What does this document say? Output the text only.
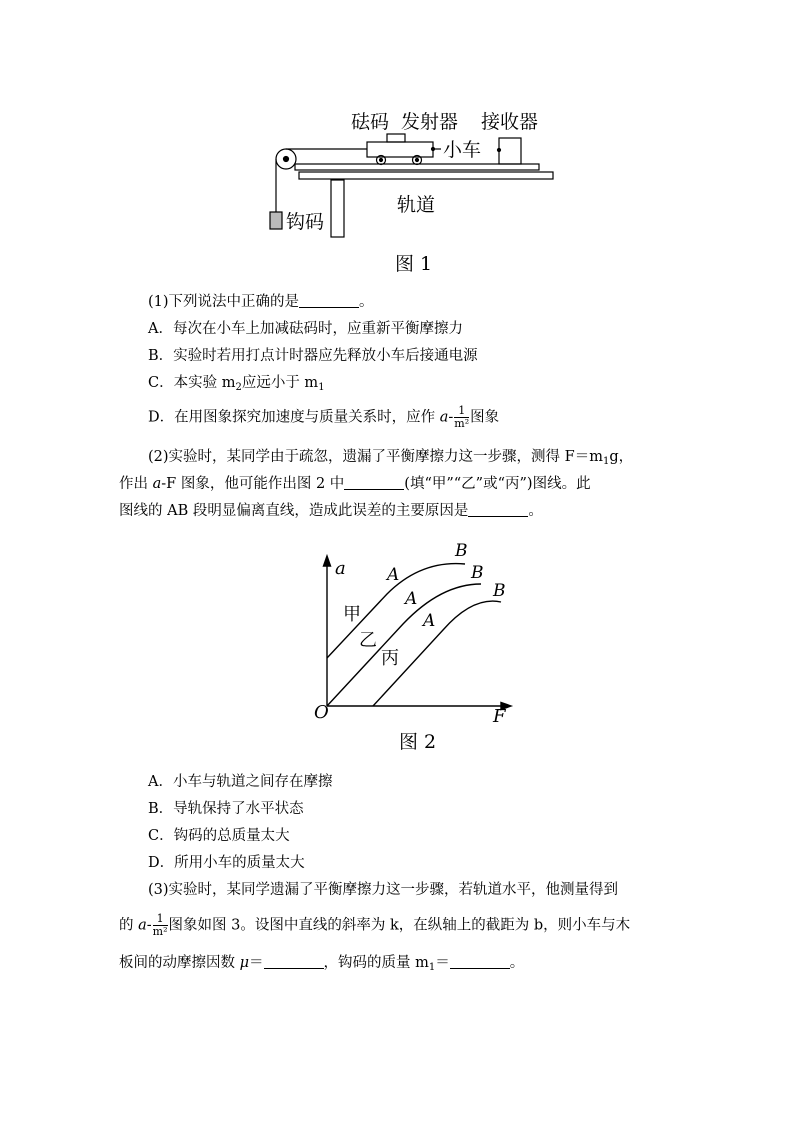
砝码 发射器 接收器
小车
轨道
钩码
图 1
(1)下列说法中正确的是	。
A．每次在小车上加减砝码时，应重新平衡摩擦力
B．实验时若用打点计时器应先释放小车后接通电源
C．本实验 $m_2$应远小于 $m_1$
D．在用图象探究加速度与质量关系时，应作 $a- \frac{1}{\text{m²}}$ 图象
(2)实验时，某同学由于疏忽，遗漏了平衡摩擦力这一步骤，测得 $F=m_1g$，
作出 a-F 图象，他可能作出图 2 中	(填“甲”“乙”或“丙”)图线。此
图线的 AB 段明显偏离直线，造成此误差的主要原因是	。
a
F
O
A
B
A
B
A
B
甲
乙
丙
图 2
A．小车与轨道之间存在摩擦
B．导轨保持了水平状态
C．钩码的总质量太大
D．所用小车的质量太大
(3)实验时，某同学遗漏了平衡摩擦力这一步骤，若轨道水平，他测量得到
的 $a- \frac{1}{\text{m²}}$ 图象如图 3。设图中直线的斜率为 k，在纵轴上的截距为 b，则小车与木
板间的动摩擦因数 μ＝	，钩码的质量 $m_1=$	。
